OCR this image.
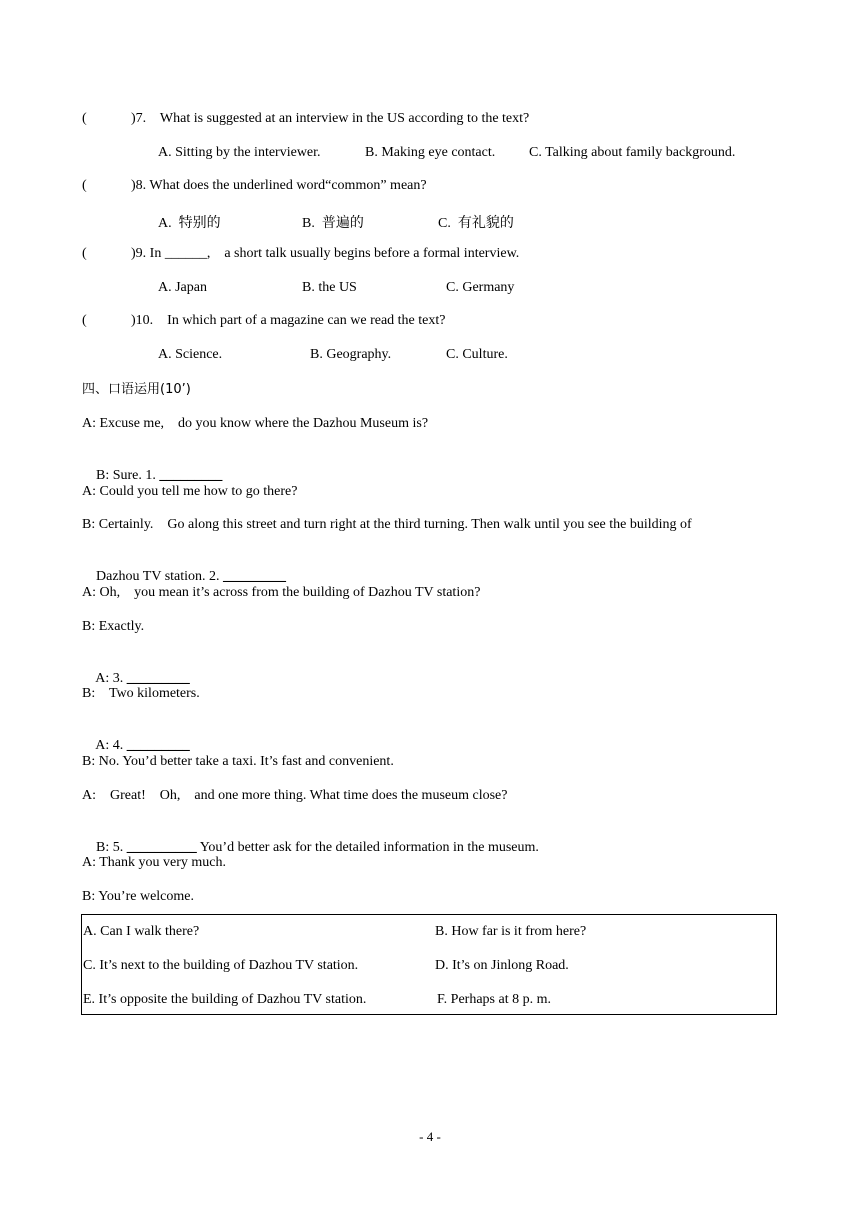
(	)7.    What is suggested at an interview in the US according to the text?
A. Sitting by the interviewer.	B. Making eye contact. C. Talking about family background.
(	)8. What does the underlined word“common” mean?
A.  特别的	B.  普遍的	C.  有礼貌的
(	)9. In ______,    a short talk usually begins before a formal interview.
A. Japan	B. the US	C. Germany
(	)10.    In which part of a magazine can we read the text?
A. Science.	B. Geography.	C. Culture.
四、口语运用(10’)
A: Excuse me,    do you know where the Dazhou Museum is?

B: Sure. 1. _________

A: Could you tell me how to go there?
B: Certainly.    Go along this street and turn right at the third turning. Then walk until you see the building of

Dazhou TV station. 2. _________

A: Oh,    you mean it’s across from the building of Dazhou TV station?
B: Exactly.

A: 3. _________

B:    Two kilometers.

A: 4. _________

B: No. You’d better take a taxi. It’s fast and convenient.
A:    Great!    Oh,    and one more thing. What time does the museum close?

B: 5. __________ You’d better ask for the detailed information in the museum.

A: Thank you very much.
B: You’re welcome.
A. Can I walk there?	B. How far is it from here?
C. It’s next to the building of Dazhou TV station.	D. It’s on Jinlong Road.
E. It’s opposite the building of Dazhou TV station.	F. Perhaps at 8 p. m.
- 4 -
